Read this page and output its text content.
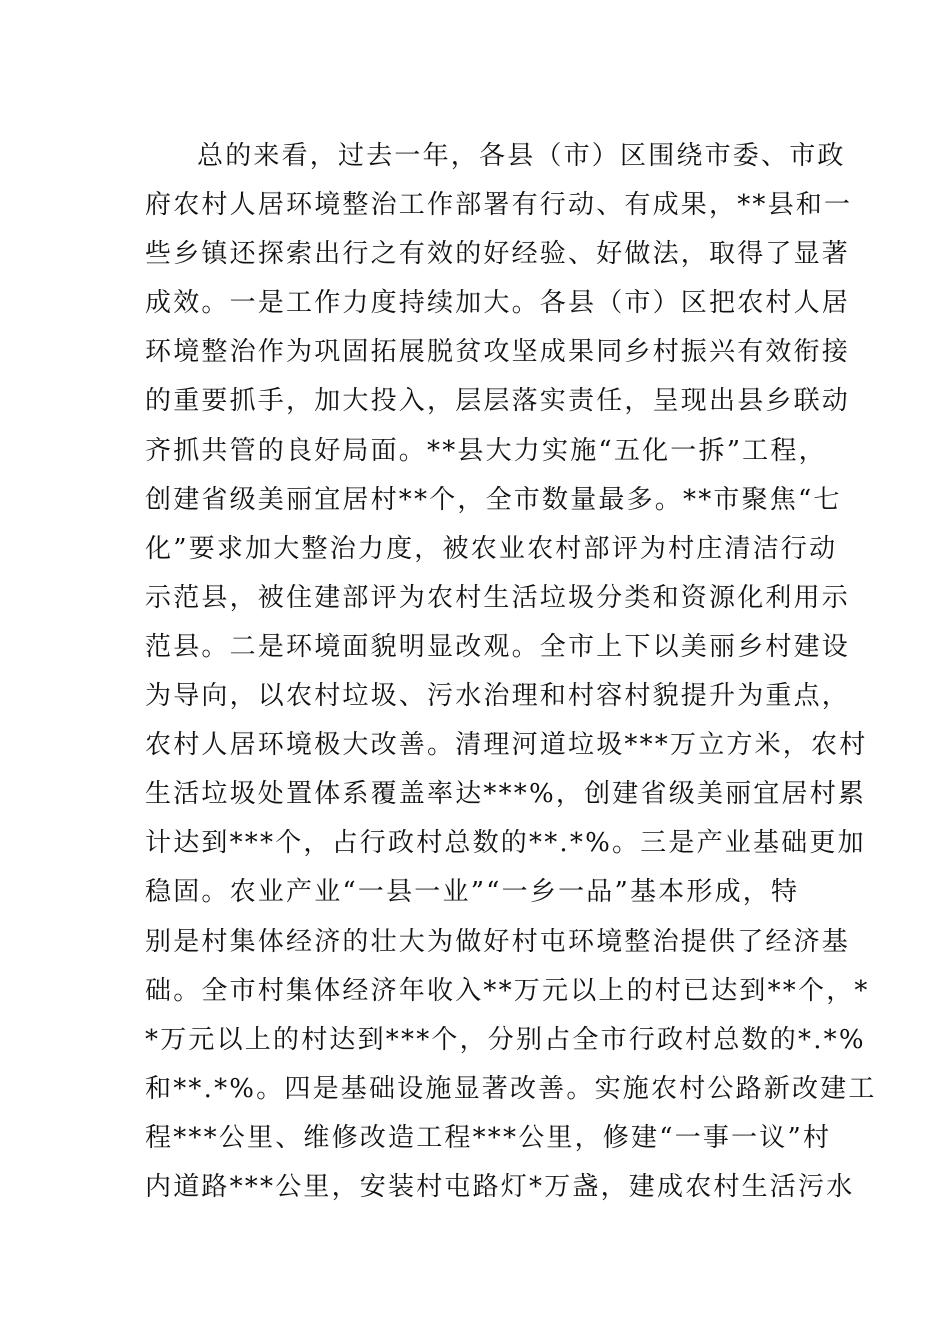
总的来看，过去一年，各县（市）区围绕市委、市政
府农村人居环境整治工作部署有行动、有成果，**县和一
些乡镇还探索出行之有效的好经验、好做法，取得了显著
成效。一是工作力度持续加大。各县（市）区把农村人居
环境整治作为巩固拓展脱贫攻坚成果同乡村振兴有效衔接
的重要抓手，加大投入，层层落实责任，呈现出县乡联动
齐抓共管的良好局面。**县大力实施“五化一拆”工程，
创建省级美丽宜居村**个，全市数量最多。**市聚焦“七
化”要求加大整治力度，被农业农村部评为村庄清洁行动
示范县，被住建部评为农村生活垃圾分类和资源化利用示
范县。二是环境面貌明显改观。全市上下以美丽乡村建设
为导向，以农村垃圾、污水治理和村容村貌提升为重点，
农村人居环境极大改善。清理河道垃圾***万立方米，农村
生活垃圾处置体系覆盖率达***%，创建省级美丽宜居村累
计达到***个，占行政村总数的**.*%。三是产业基础更加
稳固。农业产业“一县一业”“一乡一品”基本形成，特
别是村集体经济的壮大为做好村屯环境整治提供了经济基
础。全市村集体经济年收入**万元以上的村已达到**个，*
*万元以上的村达到***个，分别占全市行政村总数的*.*%
和**.*%。四是基础设施显著改善。实施农村公路新改建工
程***公里、维修改造工程***公里，修建“一事一议”村
内道路***公里，安装村屯路灯*万盏，建成农村生活污水
